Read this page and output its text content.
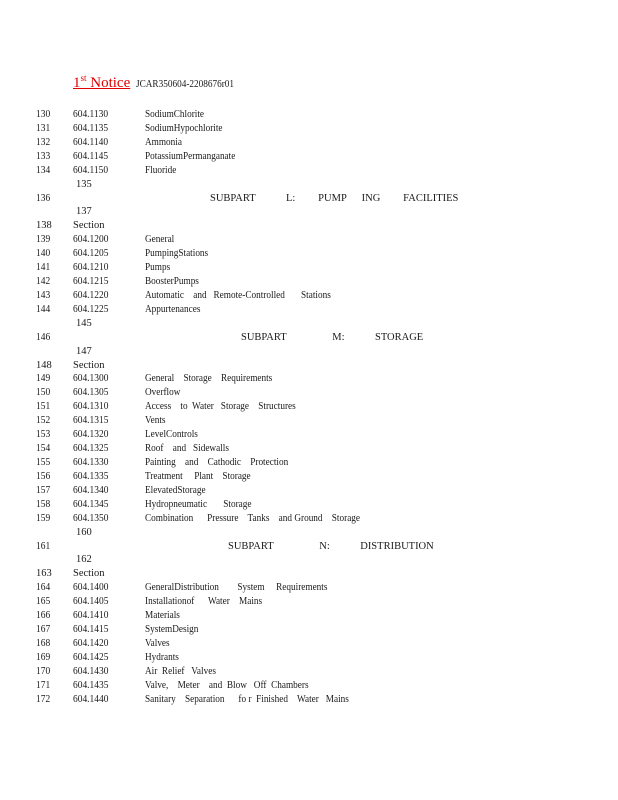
1st Notice JCAR350604-2208676r01
130 604.1130	SodiumChlorite
131 604.1135	SodiumHypochlorite
132 604.1140	Ammonia
133 604.1145	PotassiumPermanganate
134 604.1150	Fluoride
135
136	SUBPART    L:   PUMP  ING   FACILITIES
137
138 Section
139 604.1200	General
140 604.1205	PumpingStations
141 604.1210	Pumps
142 604.1215	BoosterPumps
143 604.1220	Automatic    and   Remote-Controlled       Stations
144 604.1225	Appurtenances
145
146	SUBPART      M:    STORAGE
147
148 Section
149 604.1300	General    Storage    Requirements
150 604.1305	Overflow
151 604.1310	Access    to  Water   Storage    Structures
152 604.1315	Vents
153 604.1320	LevelControls
154 604.1325	Roof    and   Sidewalls
155 604.1330	Painting    and    Cathodic    Protection
156 604.1335	Treatment     Plant    Storage
157 604.1340	ElevatedStorage
158 604.1345	Hydropneumatic       Storage
159 604.1350	Combination      Pressure    Tanks    and Ground    Storage
160
161	SUBPART      N:    DISTRIBUTION
162
163 Section
164 604.1400	GeneralDistribution        System     Requirements
165 604.1405	Installationof      Water    Mains
166 604.1410	Materials
167 604.1415	SystemDesign
168 604.1420	Valves
169 604.1425	Hydrants
170 604.1430	Air  Relief   Valves
171 604.1435	Valve,    Meter    and  Blow   Off  Chambers
172 604.1440	Sanitary    Separation      fo r  Finished    Water   Mains
